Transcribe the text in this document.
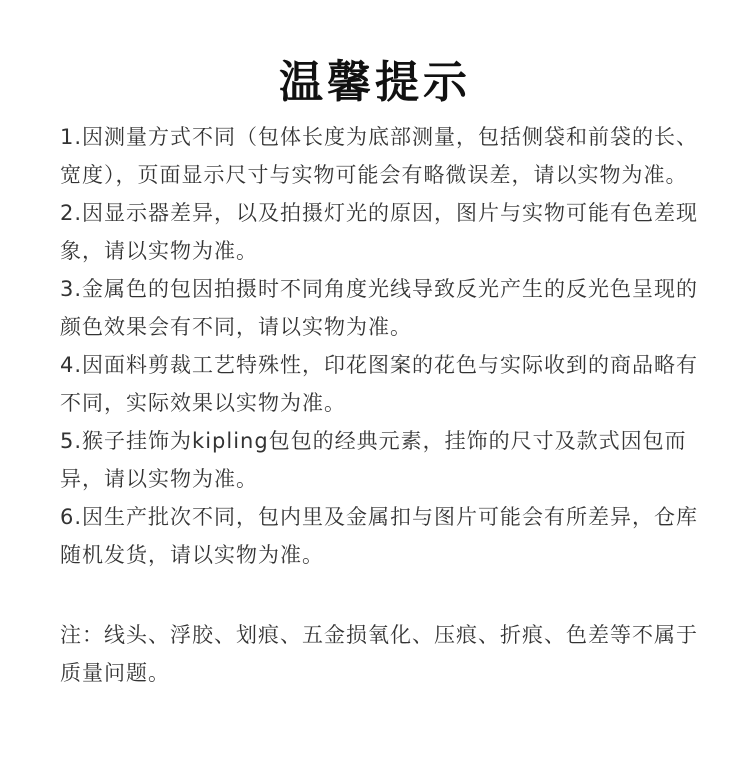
温馨提示
1.因测量方式不同（包体长度为底部测量，包括侧袋和前袋的长、宽度），页面显示尺寸与实物可能会有略微误差，请以实物为准。
2.因显示器差异，以及拍摄灯光的原因，图片与实物可能有色差现象，请以实物为准。
3.金属色的包因拍摄时不同角度光线导致反光产生的反光色呈现的颜色效果会有不同，请以实物为准。
4.因面料剪裁工艺特殊性，印花图案的花色与实际收到的商品略有不同，实际效果以实物为准。
5.猴子挂饰为kipling包包的经典元素，挂饰的尺寸及款式因包而异，请以实物为准。
6.因生产批次不同，包内里及金属扣与图片可能会有所差异，仓库随机发货，请以实物为准。

注：线头、浮胶、划痕、五金损氧化、压痕、折痕、色差等不属于质量问题。
